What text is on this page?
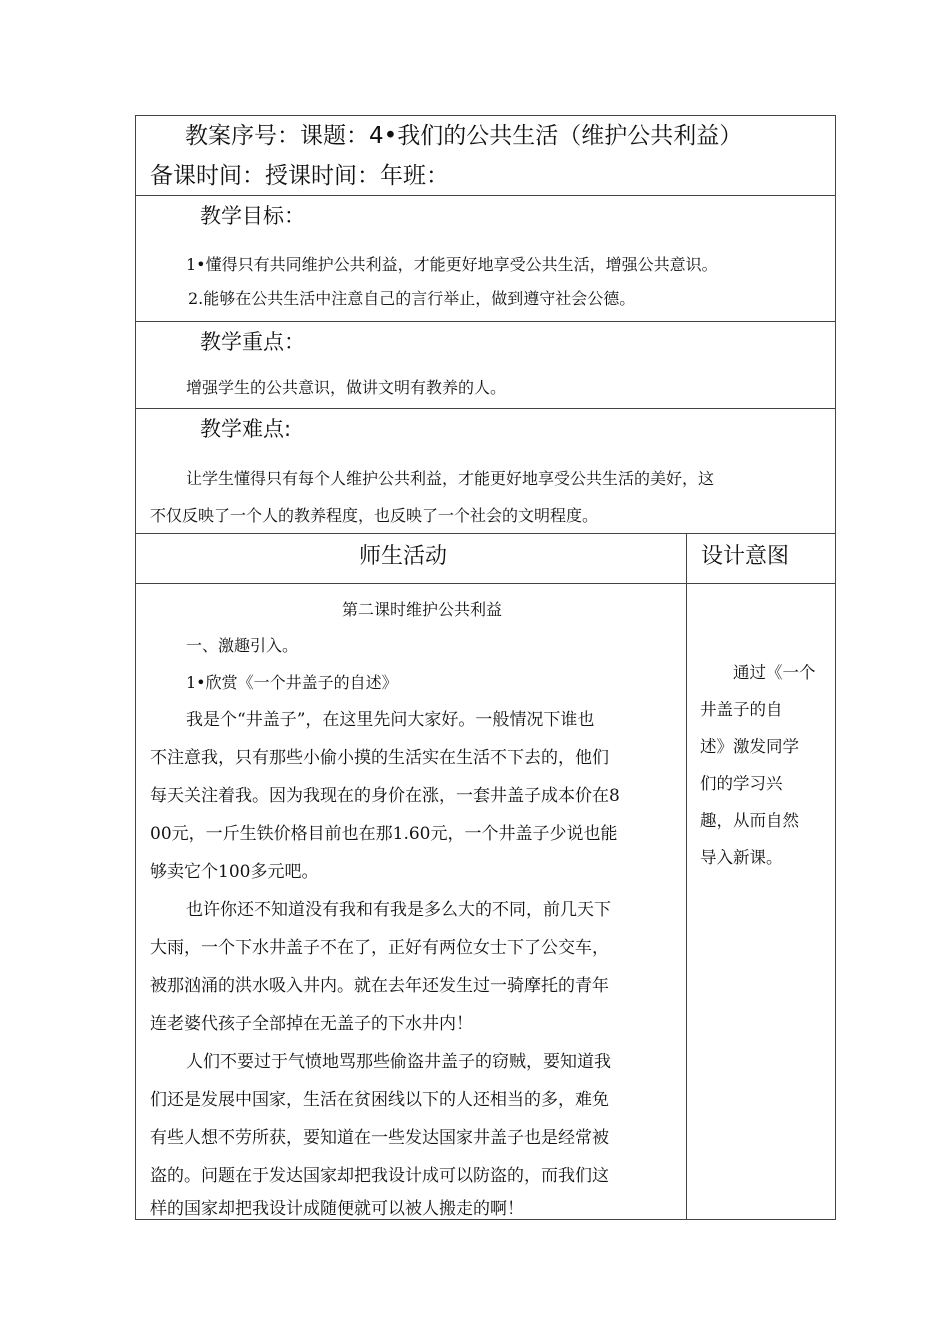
教案序号：课题：4•我们的公共生活（维护公共利益）
备课时间：授课时间：年班：
教学目标：
1•懂得只有共同维护公共利益，才能更好地享受公共生活，增强公共意识。
2.能够在公共生活中注意自己的言行举止，做到遵守社会公德。
教学重点：
增强学生的公共意识，做讲文明有教养的人。
教学难点:
让学生懂得只有每个人维护公共利益，才能更好地享受公共生活的美好，这
不仅反映了一个人的教养程度，也反映了一个社会的文明程度。
师生活动	设计意图
第二课时维护公共利益
一、激趣引入。
1•欣赏《一个井盖子的自述》
我是个“井盖子”，在这里先问大家好。一般情况下谁也
不注意我，只有那些小偷小摸的生活实在生活不下去的，他们
每天关注着我。因为我现在的身价在涨，一套井盖子成本价在8
00元，一斤生铁价格目前也在那1.60元，一个井盖子少说也能
够卖它个100多元吧。
也许你还不知道没有我和有我是多么大的不同，前几天下
大雨，一个下水井盖子不在了，正好有两位女士下了公交车，
被那汹涌的洪水吸入井内。就在去年还发生过一骑摩托的青年
连老婆代孩子全部掉在无盖子的下水井内！
人们不要过于气愤地骂那些偷盗井盖子的窃贼，要知道我
们还是发展中国家，生活在贫困线以下的人还相当的多，难免
有些人想不劳所获，要知道在一些发达国家井盖子也是经常被
盗的。问题在于发达国家却把我设计成可以防盗的，而我们这
样的国家却把我设计成随便就可以被人搬走的啊！
通过《一个
井盖子的自
述》激发同学
们的学习兴
趣，从而自然
导入新课。
